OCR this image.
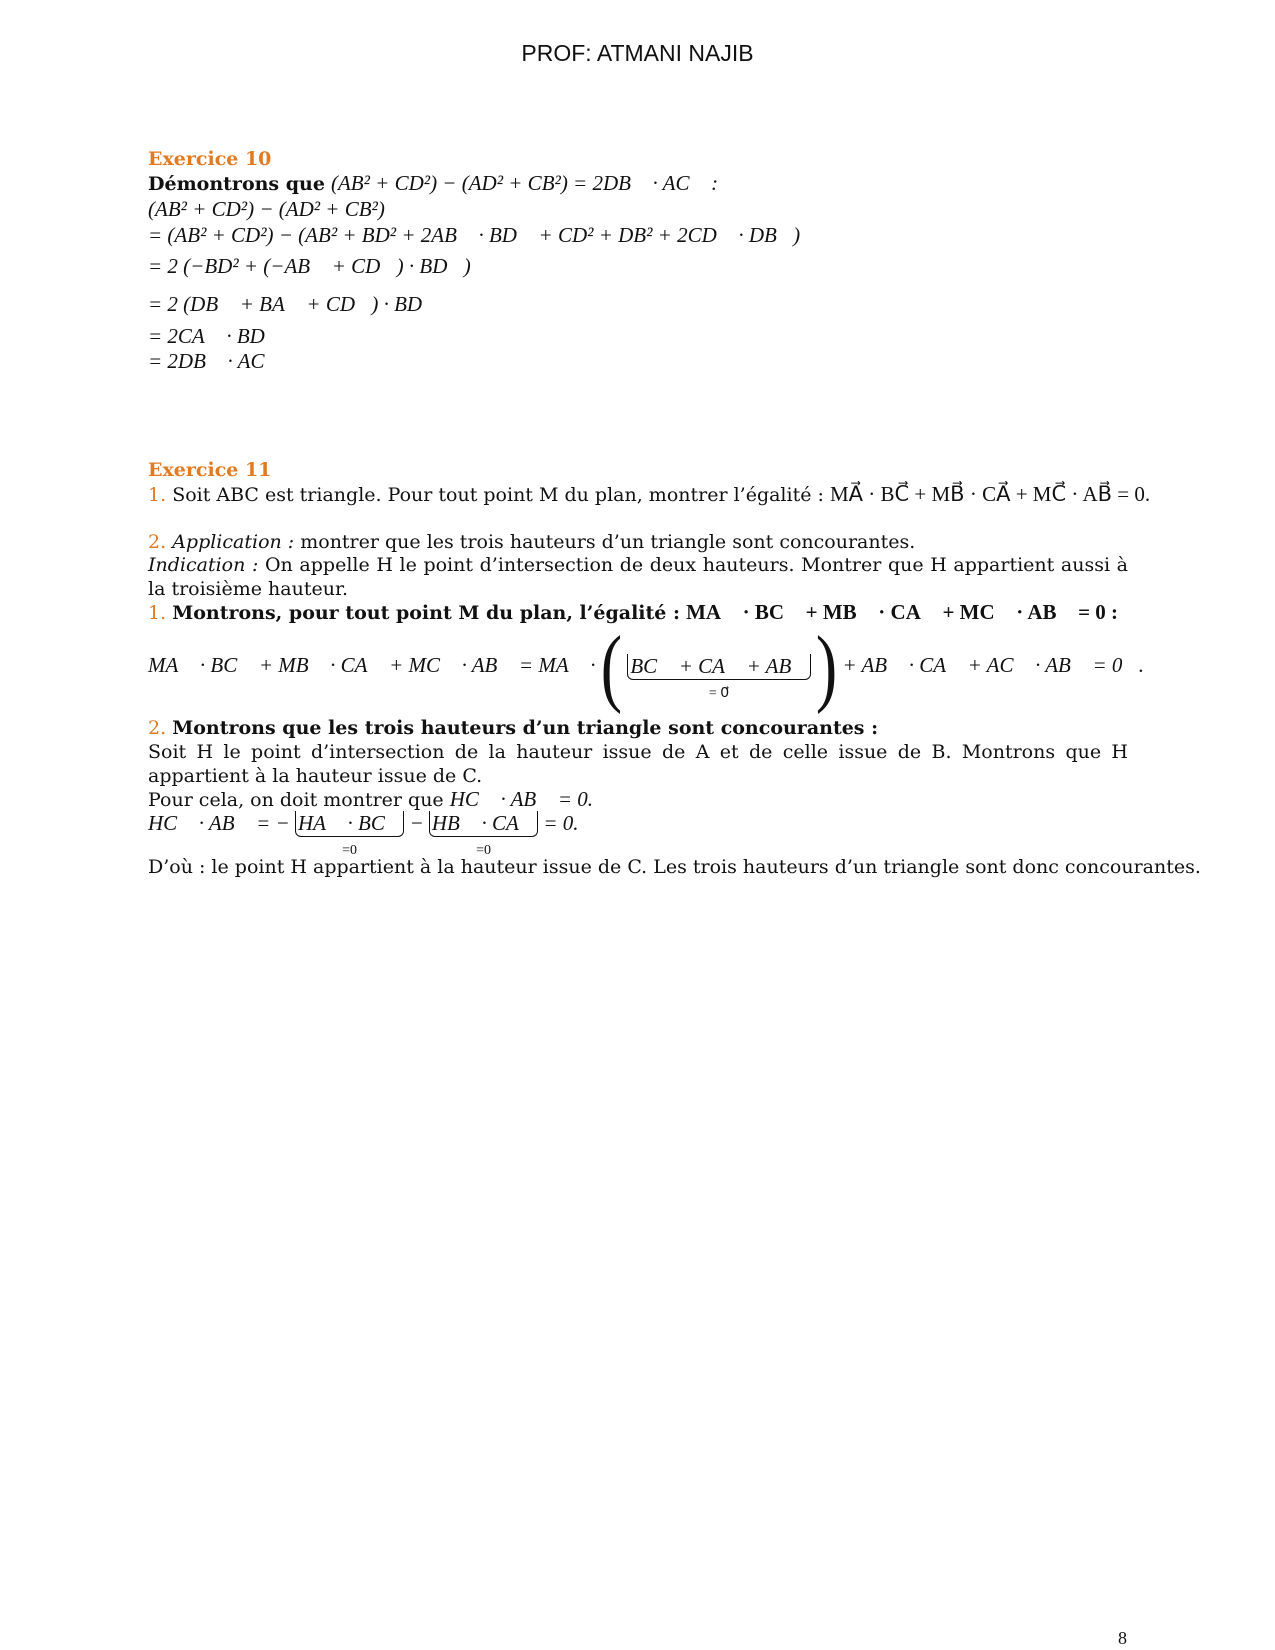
PROF: ATMANI NAJIB
Exercice 10
Démontrons que (AB² + CD²) − (AD² + CB²) = 2DB⃗ · AC⃗ :
(AB² + CD²) − (AD² + CB²)
= (AB² + CD²) − (AB² + BD² + 2AB⃗ · BD⃗ + CD² + DB² + 2CD⃗ · DB⃗)
= 2 (−BD² + (−AB⃗ + CD⃗) · BD⃗)
= 2 (DB⃗ + BA⃗ + CD⃗) · BD⃗
= 2CA⃗ · BD⃗
= 2DB⃗ · AC⃗
Exercice 11
1. Soit ABC est triangle. Pour tout point M du plan, montrer l’égalité : MA⃗ · BC⃗ + MB⃗ · CA⃗ + MC⃗ · AB⃗ = 0.
2. Application : montrer que les trois hauteurs d’un triangle sont concourantes.
Indication : On appelle H le point d’intersection de deux hauteurs. Montrer que H appartient aussi à la troisième hauteur.
1. Montrons, pour tout point M du plan, l’égalité : MA⃗ · BC⃗ + MB⃗ · CA⃗ + MC⃗ · AB⃗ = 0 :
MA⃗ · BC⃗ + MB⃗ · CA⃗ + MC⃗ · AB⃗ = MA⃗ · ( BC⃗ + CA⃗ + AB⃗
= 0⃗	) + AB⃗ · CA⃗ + AC⃗ · AB⃗ = 0⃗.
2. Montrons que les trois hauteurs d’un triangle sont concourantes :
Soit H le point d’intersection de la hauteur issue de A et de celle issue de B. Montrons que H appartient à la hauteur issue de C.
Pour cela, on doit montrer que HC⃗ · AB⃗ = 0.
HC⃗ · AB⃗ = − HA⃗ · BC⃗
=0
− HB⃗ · CA⃗
=0
= 0.
D’où : le point H appartient à la hauteur issue de C. Les trois hauteurs d’un triangle sont donc concourantes.
8
